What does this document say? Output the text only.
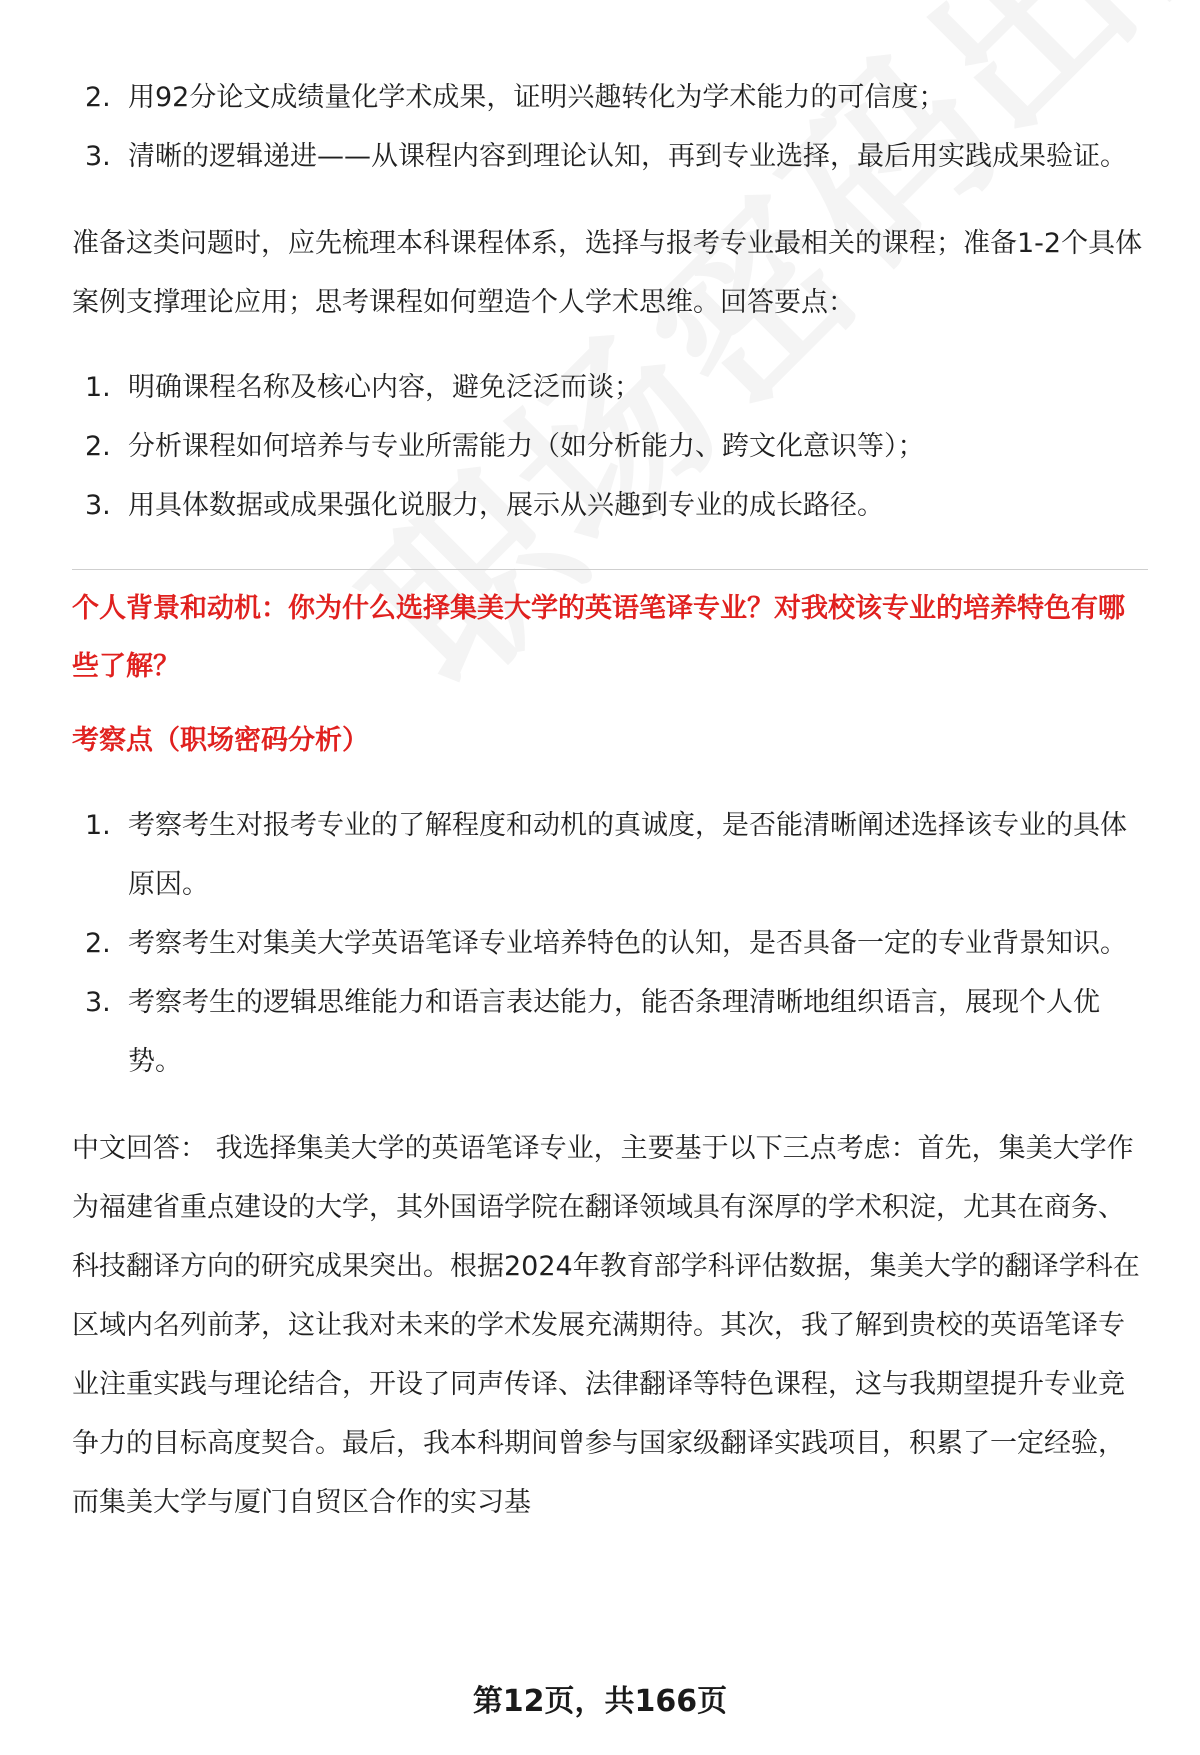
2. 用92分论文成绩量化学术成果，证明兴趣转化为学术能力的可信度；
3. 清晰的逻辑递进——从课程内容到理论认知，再到专业选择，最后用实践成果验证。

准备这类问题时，应先梳理本科课程体系，选择与报考专业最相关的课程；准备1-2个具体案例支撑理论应用；思考课程如何塑造个人学术思维。回答要点：

1. 明确课程名称及核心内容，避免泛泛而谈；
2. 分析课程如何培养与专业所需能力（如分析能力、跨文化意识等）；
3. 用具体数据或成果强化说服力，展示从兴趣到专业的成长路径。

个人背景和动机：你为什么选择集美大学的英语笔译专业？对我校该专业的培养特色有哪些了解？

考察点（职场密码分析）

1. 考察考生对报考专业的了解程度和动机的真诚度，是否能清晰阐述选择该专业的具体原因。
2. 考察考生对集美大学英语笔译专业培养特色的认知，是否具备一定的专业背景知识。
3. 考察考生的逻辑思维能力和语言表达能力，能否条理清晰地组织语言，展现个人优势。

中文回答： 我选择集美大学的英语笔译专业，主要基于以下三点考虑：首先，集美大学作为福建省重点建设的大学，其外国语学院在翻译领域具有深厚的学术积淀，尤其在商务、科技翻译方向的研究成果突出。根据2024年教育部学科评估数据，集美大学的翻译学科在区域内名列前茅，这让我对未来的学术发展充满期待。其次，我了解到贵校的英语笔译专业注重实践与理论结合，开设了同声传译、法律翻译等特色课程，这与我期望提升专业竞争力的目标高度契合。最后，我本科期间曾参与国家级翻译实践项目，积累了一定经验，而集美大学与厦门自贸区合作的实习基

第12页，共166页
